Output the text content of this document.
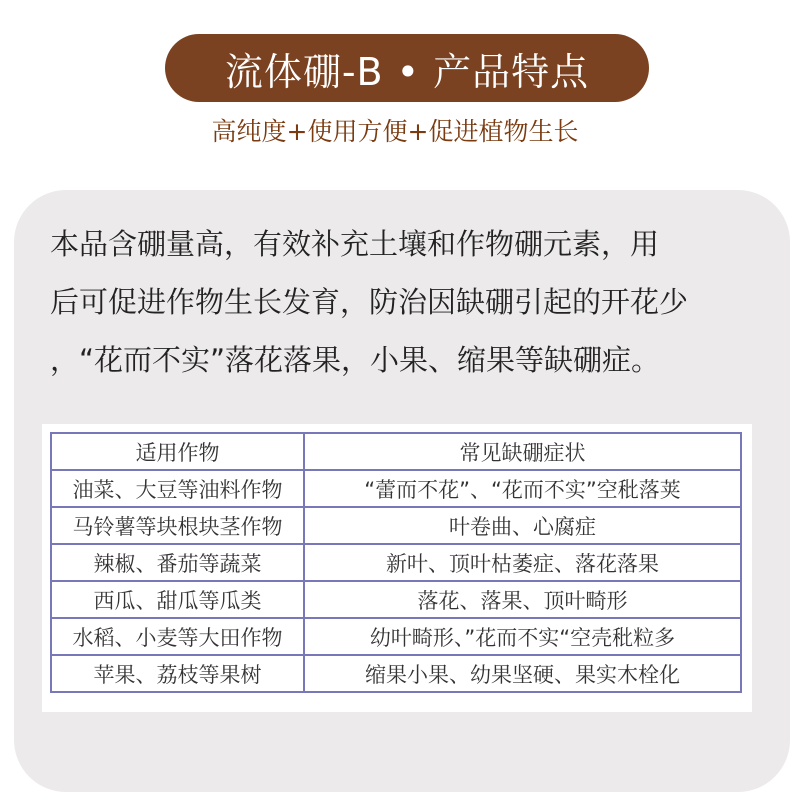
流体硼-B • 产品特点
高纯度+使用方便+促进植物生长

本品含硼量高，有效补充土壤和作物硼元素，用

后可促进作物生长发育，防治因缺硼引起的开花少

，“花而不实”落花落果，小果、缩果等缺硼症。

适用作物	常见缺硼症状
油菜、大豆等油料作物	“蕾而不花”、“花而不实”空秕落荚
马铃薯等块根块茎作物	叶卷曲、心腐症
辣椒、番茄等蔬菜	新叶、顶叶枯萎症、落花落果
西瓜、甜瓜等瓜类	落花、落果、顶叶畸形
水稻、小麦等大田作物	幼叶畸形、”花而不实“空壳秕粒多
苹果、荔枝等果树	缩果小果、幼果坚硬、果实木栓化
